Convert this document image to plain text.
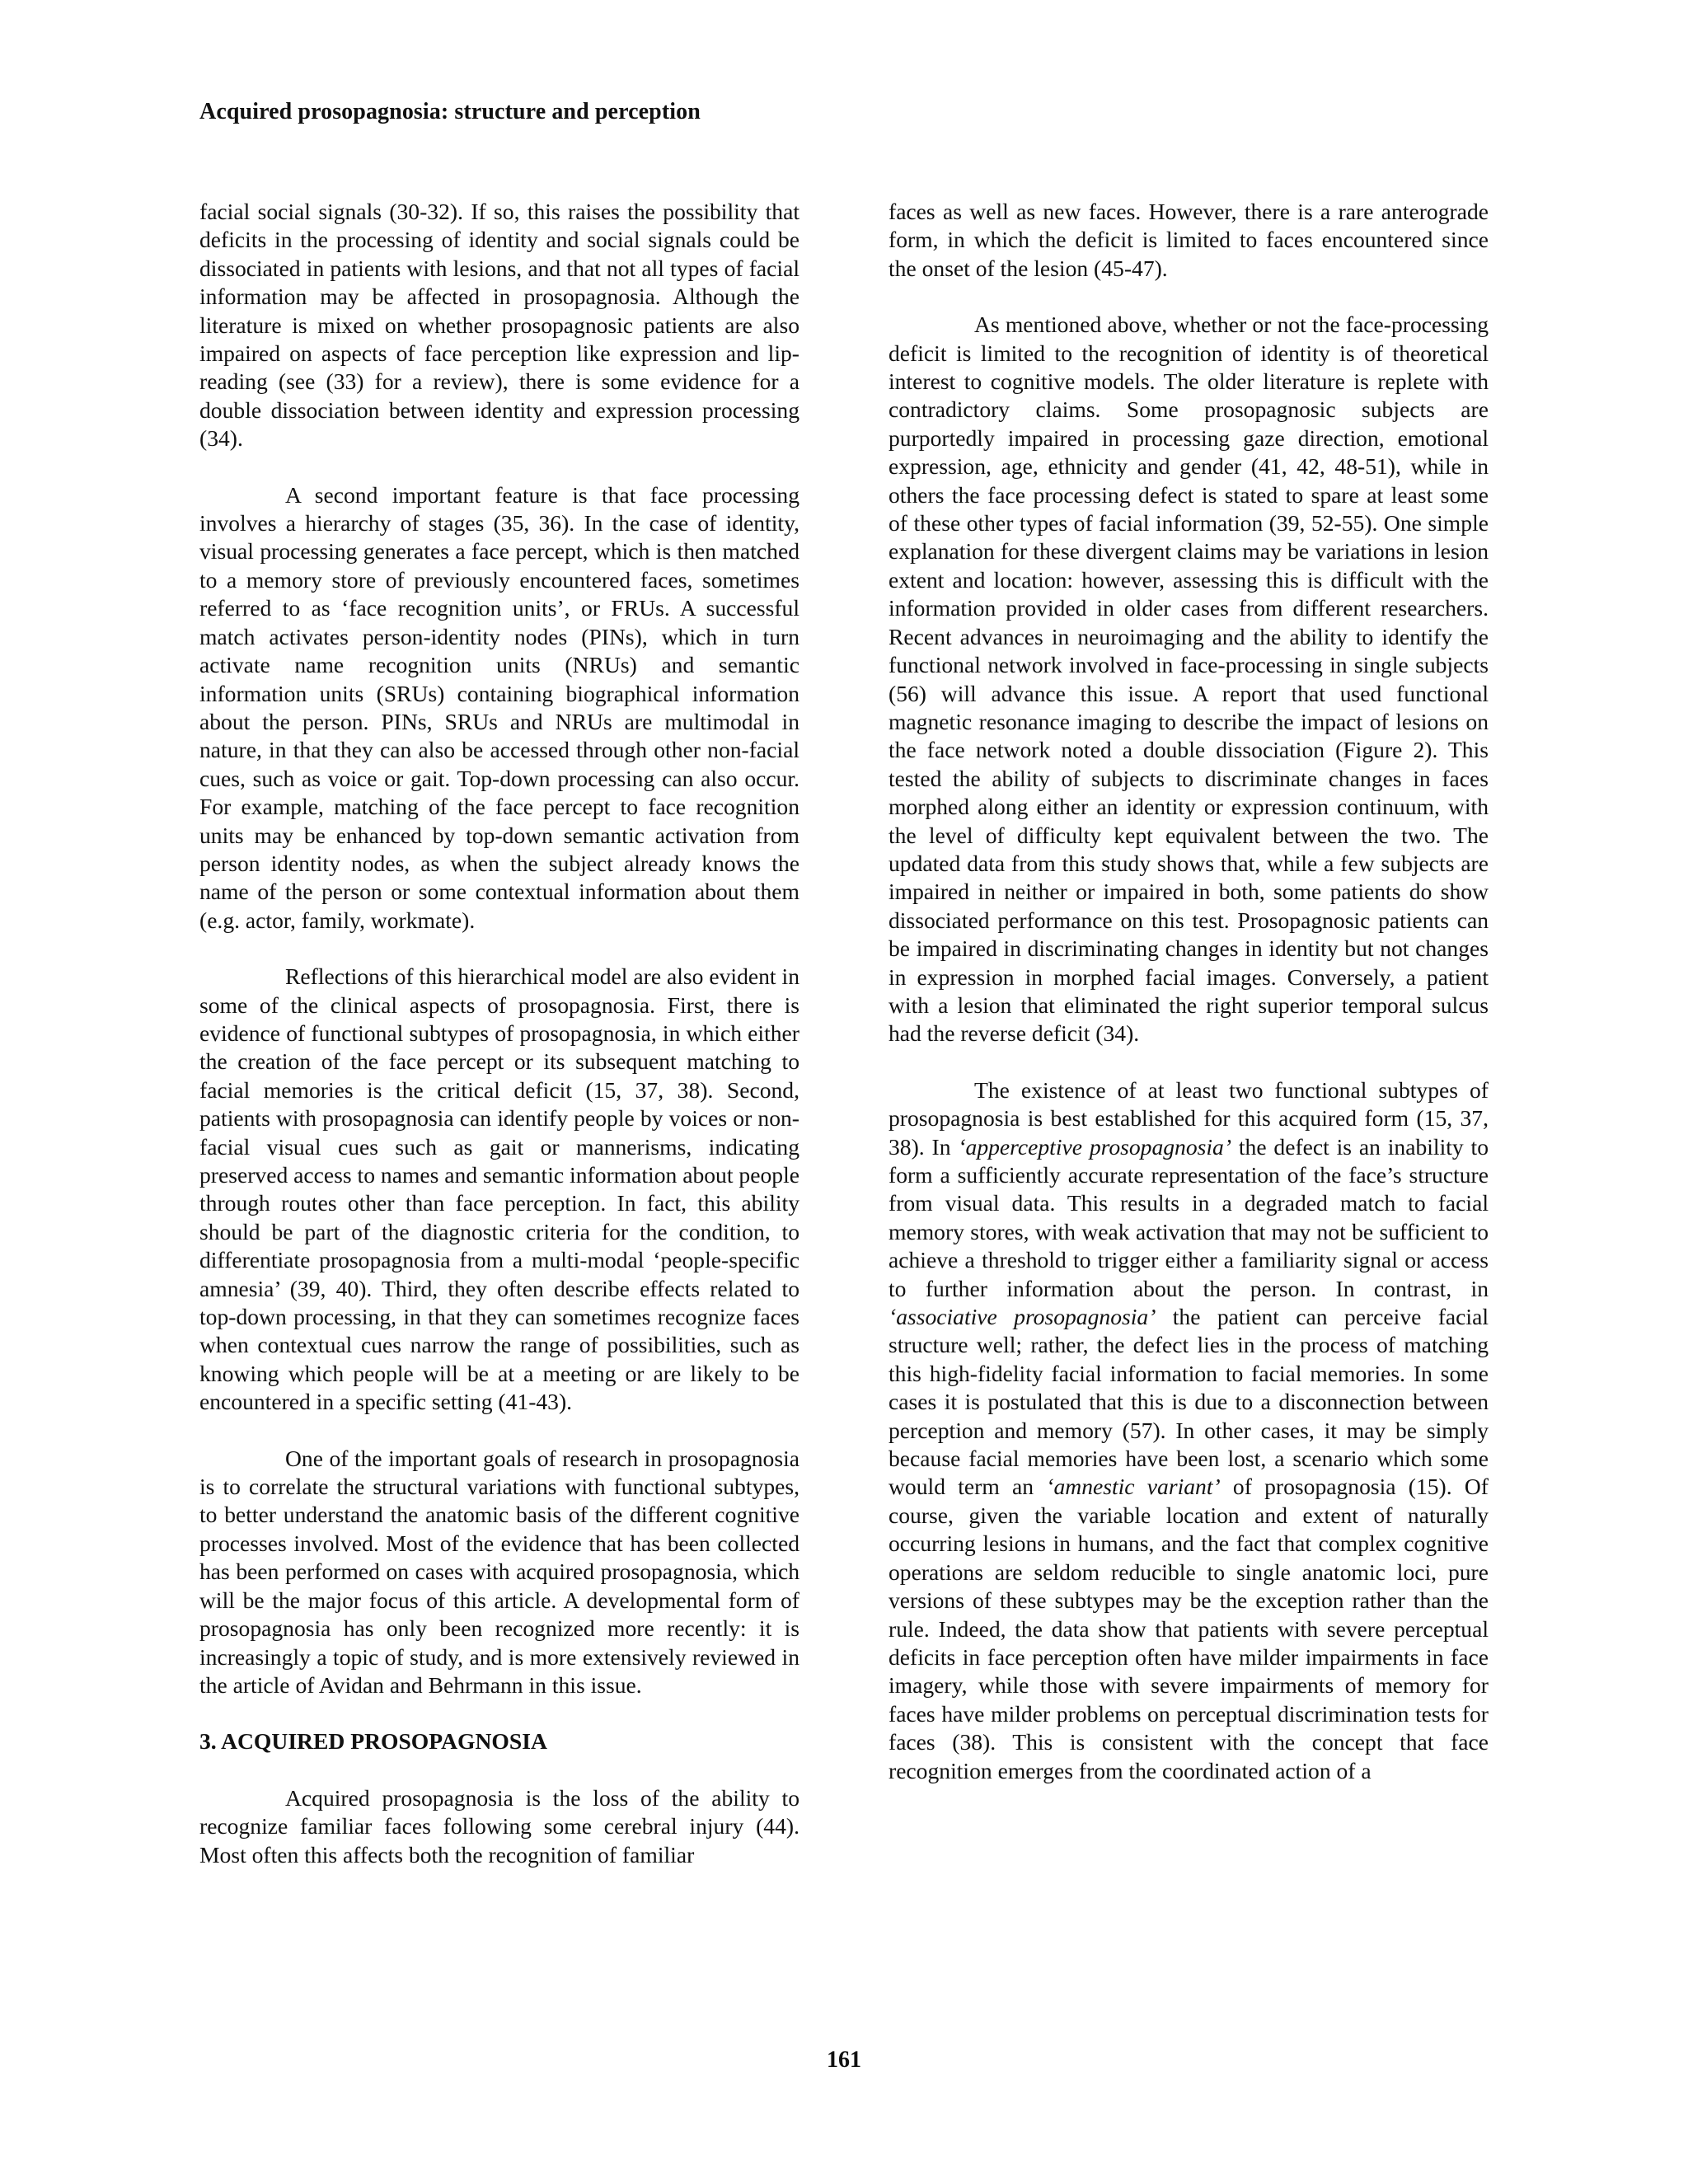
Acquired prosopagnosia: structure and perception

facial social signals (30-32). If so, this raises the possibility that deficits in the processing of identity and social signals could be dissociated in patients with lesions, and that not all types of facial information may be affected in prosopagnosia. Although the literature is mixed on whether prosopagnosic patients are also impaired on aspects of face perception like expression and lip-reading (see (33) for a review), there is some evidence for a double dissociation between identity and expression processing (34).

A second important feature is that face processing involves a hierarchy of stages (35, 36). In the case of identity, visual processing generates a face percept, which is then matched to a memory store of previously encountered faces, sometimes referred to as ‘face recognition units’, or FRUs. A successful match activates person-identity nodes (PINs), which in turn activate name recognition units (NRUs) and semantic information units (SRUs) containing biographical information about the person. PINs, SRUs and NRUs are multimodal in nature, in that they can also be accessed through other non-facial cues, such as voice or gait. Top-down processing can also occur. For example, matching of the face percept to face recognition units may be enhanced by top-down semantic activation from person identity nodes, as when the subject already knows the name of the person or some contextual information about them (e.g. actor, family, workmate).

Reflections of this hierarchical model are also evident in some of the clinical aspects of prosopagnosia. First, there is evidence of functional subtypes of prosopagnosia, in which either the creation of the face percept or its subsequent matching to facial memories is the critical deficit (15, 37, 38). Second, patients with prosopagnosia can identify people by voices or non-facial visual cues such as gait or mannerisms, indicating preserved access to names and semantic information about people through routes other than face perception. In fact, this ability should be part of the diagnostic criteria for the condition, to differentiate prosopagnosia from a multi-modal ‘people-specific amnesia’ (39, 40). Third, they often describe effects related to top-down processing, in that they can sometimes recognize faces when contextual cues narrow the range of possibilities, such as knowing which people will be at a meeting or are likely to be encountered in a specific setting (41-43).

One of the important goals of research in prosopagnosia is to correlate the structural variations with functional subtypes, to better understand the anatomic basis of the different cognitive processes involved. Most of the evidence that has been collected has been performed on cases with acquired prosopagnosia, which will be the major focus of this article. A developmental form of prosopagnosia has only been recognized more recently: it is increasingly a topic of study, and is more extensively reviewed in the article of Avidan and Behrmann in this issue.

3. ACQUIRED PROSOPAGNOSIA

Acquired prosopagnosia is the loss of the ability to recognize familiar faces following some cerebral injury (44). Most often this affects both the recognition of familiar

faces as well as new faces. However, there is a rare anterograde form, in which the deficit is limited to faces encountered since the onset of the lesion (45-47).

As mentioned above, whether or not the face-processing deficit is limited to the recognition of identity is of theoretical interest to cognitive models. The older literature is replete with contradictory claims. Some prosopagnosic subjects are purportedly impaired in processing gaze direction, emotional expression, age, ethnicity and gender (41, 42, 48-51), while in others the face processing defect is stated to spare at least some of these other types of facial information (39, 52-55). One simple explanation for these divergent claims may be variations in lesion extent and location: however, assessing this is difficult with the information provided in older cases from different researchers. Recent advances in neuroimaging and the ability to identify the functional network involved in face-processing in single subjects (56) will advance this issue. A report that used functional magnetic resonance imaging to describe the impact of lesions on the face network noted a double dissociation (Figure 2). This tested the ability of subjects to discriminate changes in faces morphed along either an identity or expression continuum, with the level of difficulty kept equivalent between the two. The updated data from this study shows that, while a few subjects are impaired in neither or impaired in both, some patients do show dissociated performance on this test. Prosopagnosic patients can be impaired in discriminating changes in identity but not changes in expression in morphed facial images. Conversely, a patient with a lesion that eliminated the right superior temporal sulcus had the reverse deficit (34).

The existence of at least two functional subtypes of prosopagnosia is best established for this acquired form (15, 37, 38). In ‘apperceptive prosopagnosia’ the defect is an inability to form a sufficiently accurate representation of the face’s structure from visual data. This results in a degraded match to facial memory stores, with weak activation that may not be sufficient to achieve a threshold to trigger either a familiarity signal or access to further information about the person. In contrast, in ‘associative prosopagnosia’ the patient can perceive facial structure well; rather, the defect lies in the process of matching this high-fidelity facial information to facial memories. In some cases it is postulated that this is due to a disconnection between perception and memory (57). In other cases, it may be simply because facial memories have been lost, a scenario which some would term an ‘amnestic variant’ of prosopagnosia (15). Of course, given the variable location and extent of naturally occurring lesions in humans, and the fact that complex cognitive operations are seldom reducible to single anatomic loci, pure versions of these subtypes may be the exception rather than the rule. Indeed, the data show that patients with severe perceptual deficits in face perception often have milder impairments in face imagery, while those with severe impairments of memory for faces have milder problems on perceptual discrimination tests for faces (38). This is consistent with the concept that face recognition emerges from the coordinated action of a

161
